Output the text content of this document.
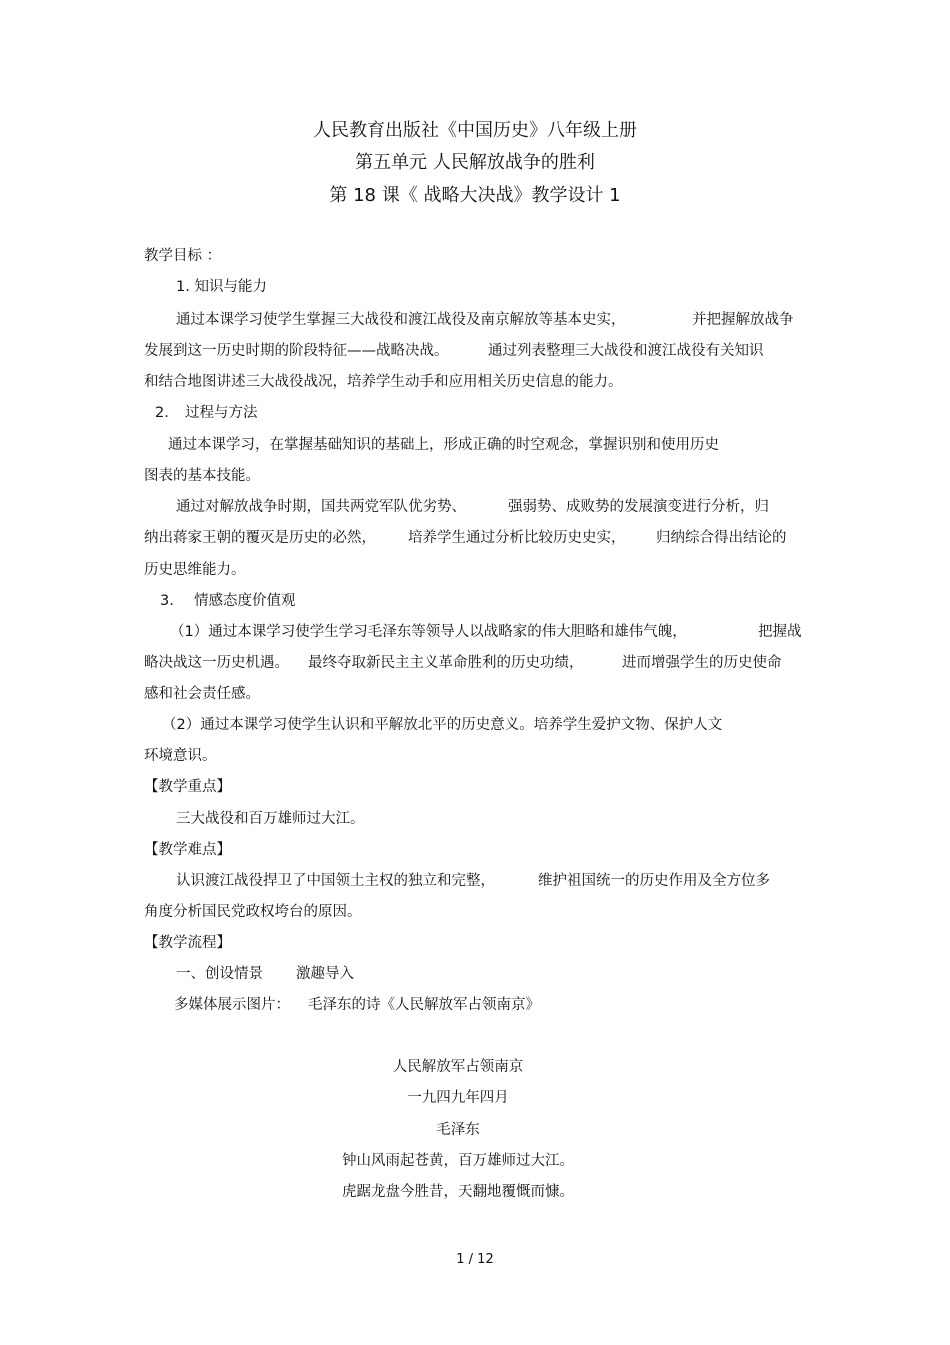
人民教育出版社《中国历史》八年级上册
第五单元 人民解放战争的胜利
第 18 课《 战略大决战》教学设计 1
教学目标 ：
1. 知识与能力
通过本课学习使学生掌握三大战役和渡江战役及南京解放等基本史实，	并把握解放战争
发展到这一历史时期的阶段特征——战略决战。	通过列表整理三大战役和渡江战役有关知识
和结合地图讲述三大战役战况，培养学生动手和应用相关历史信息的能力。
2. 过程与方法
通过本课学习，在掌握基础知识的基础上，形成正确的时空观念，掌握识别和使用历史
图表的基本技能。
通过对解放战争时期，国共两党军队优劣势、	强弱势、成败势的发展演变进行分析，归
纳出蒋家王朝的覆灭是历史的必然， 培养学生通过分析比较历史史实， 归纳综合得出结论的
历史思维能力。
3. 情感态度价值观
（1）通过本课学习使学生学习毛泽东等领导人以战略家的伟大胆略和雄伟气魄，	把握战
略决战这一历史机遇。 最终夺取新民主主义革命胜利的历史功绩，	进而增强学生的历史使命
感和社会责任感。
（2）通过本课学习使学生认识和平解放北平的历史意义。培养学生爱护文物、保护人文
环境意识。
【教学重点】
三大战役和百万雄师过大江。
【教学难点】
认识渡江战役捍卫了中国领土主权的独立和完整，	维护祖国统一的历史作用及全方位多
角度分析国民党政权垮台的原因。
【教学流程】
一、创设情景 激趣导入
多媒体展示图片： 毛泽东的诗《人民解放军占领南京》
人民解放军占领南京
一九四九年四月
毛泽东
钟山风雨起苍黄，百万雄师过大江。
虎踞龙盘今胜昔，天翻地覆慨而慷。
1 / 12
